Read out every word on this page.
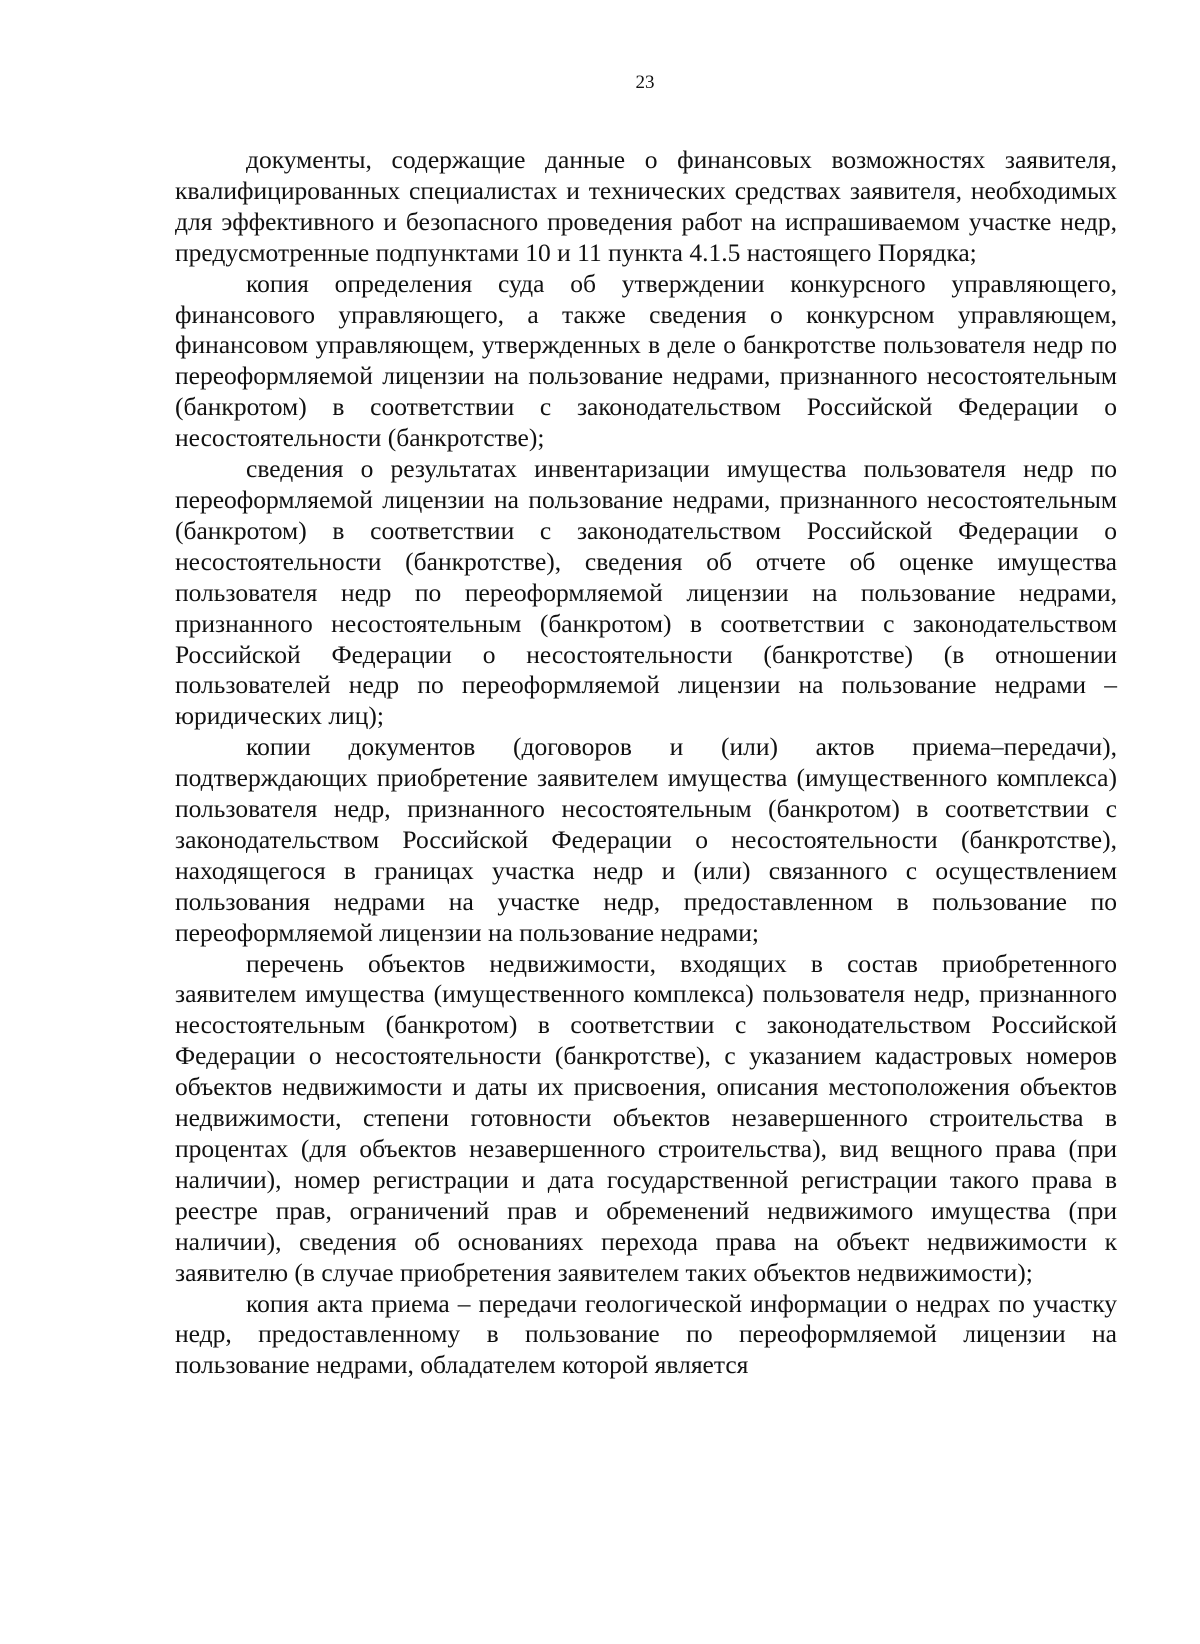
23

документы, содержащие данные о финансовых возможностях заявителя, квалифицированных специалистах и технических средствах заявителя, необходимых для эффективного и безопасного проведения работ на испрашиваемом участке недр, предусмотренные подпунктами 10 и 11 пункта 4.1.5 настоящего Порядка;

копия определения суда об утверждении конкурсного управляющего, финансового управляющего, а также сведения о конкурсном управляющем, финансовом управляющем, утвержденных в деле о банкротстве пользователя недр по переоформляемой лицензии на пользование недрами, признанного несостоятельным (банкротом) в соответствии с законодательством Российской Федерации о несостоятельности (банкротстве);

сведения о результатах инвентаризации имущества пользователя недр по переоформляемой лицензии на пользование недрами, признанного несостоятельным (банкротом) в соответствии с законодательством Российской Федерации о несостоятельности (банкротстве), сведения об отчете об оценке имущества пользователя недр по переоформляемой лицензии на пользование недрами, признанного несостоятельным (банкротом) в соответствии с законодательством Российской Федерации о несостоятельности (банкротстве) (в отношении пользователей недр по переоформляемой лицензии на пользование недрами – юридических лиц);

копии документов (договоров и (или) актов приема–передачи), подтверждающих приобретение заявителем имущества (имущественного комплекса) пользователя недр, признанного несостоятельным (банкротом) в соответствии с законодательством Российской Федерации о несостоятельности (банкротстве), находящегося в границах участка недр и (или) связанного с осуществлением пользования недрами на участке недр, предоставленном в пользование по переоформляемой лицензии на пользование недрами;

перечень объектов недвижимости, входящих в состав приобретенного заявителем имущества (имущественного комплекса) пользователя недр, признанного несостоятельным (банкротом) в соответствии с законодательством Российской Федерации о несостоятельности (банкротстве), с указанием кадастровых номеров объектов недвижимости и даты их присвоения, описания местоположения объектов недвижимости, степени готовности объектов незавершенного строительства в процентах (для объектов незавершенного строительства), вид вещного права (при наличии), номер регистрации и дата государственной регистрации такого права в реестре прав, ограничений прав и обременений недвижимого имущества (при наличии), сведения об основаниях перехода права на объект недвижимости к заявителю (в случае приобретения заявителем таких объектов недвижимости);

копия акта приема – передачи геологической информации о недрах по участку недр, предоставленному в пользование по переоформляемой лицензии на пользование недрами, обладателем которой является
